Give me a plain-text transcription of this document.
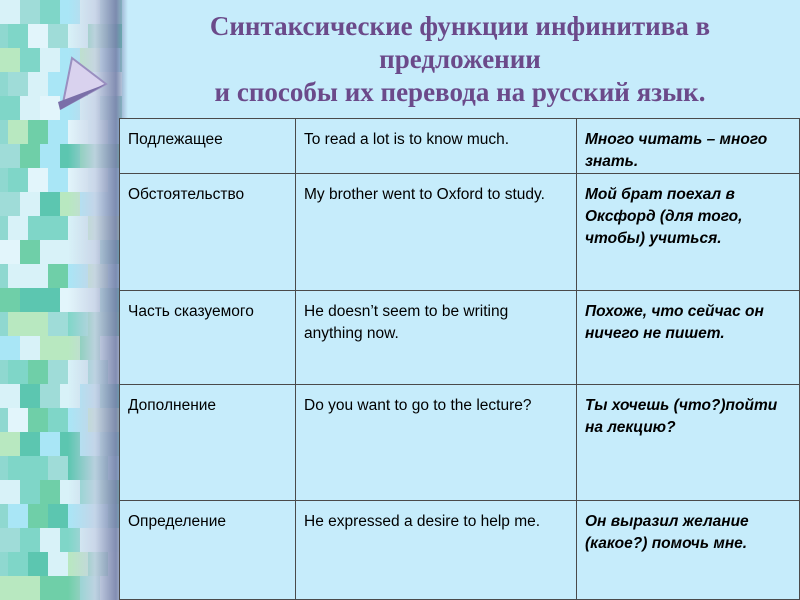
Синтаксические функции инфинитива в
предложении
и способы их перевода на русский язык.
Подлежащее	To read a lot is to know much.	Много читать – много знать.
Обстоятельство	My brother went to Oxford to study.	Мой брат поехал в Оксфорд (для того, чтобы) учиться.
Часть сказуемого	He doesn’t seem to be writing anything now.	Похоже, что сейчас он ничего не пишет.
Дополнение	Do you want to go to the lecture?	Ты хочешь (что?)пойти на лекцию?
Определение	He expressed a desire to help me.	Он выразил желание (какое?) помочь мне.
